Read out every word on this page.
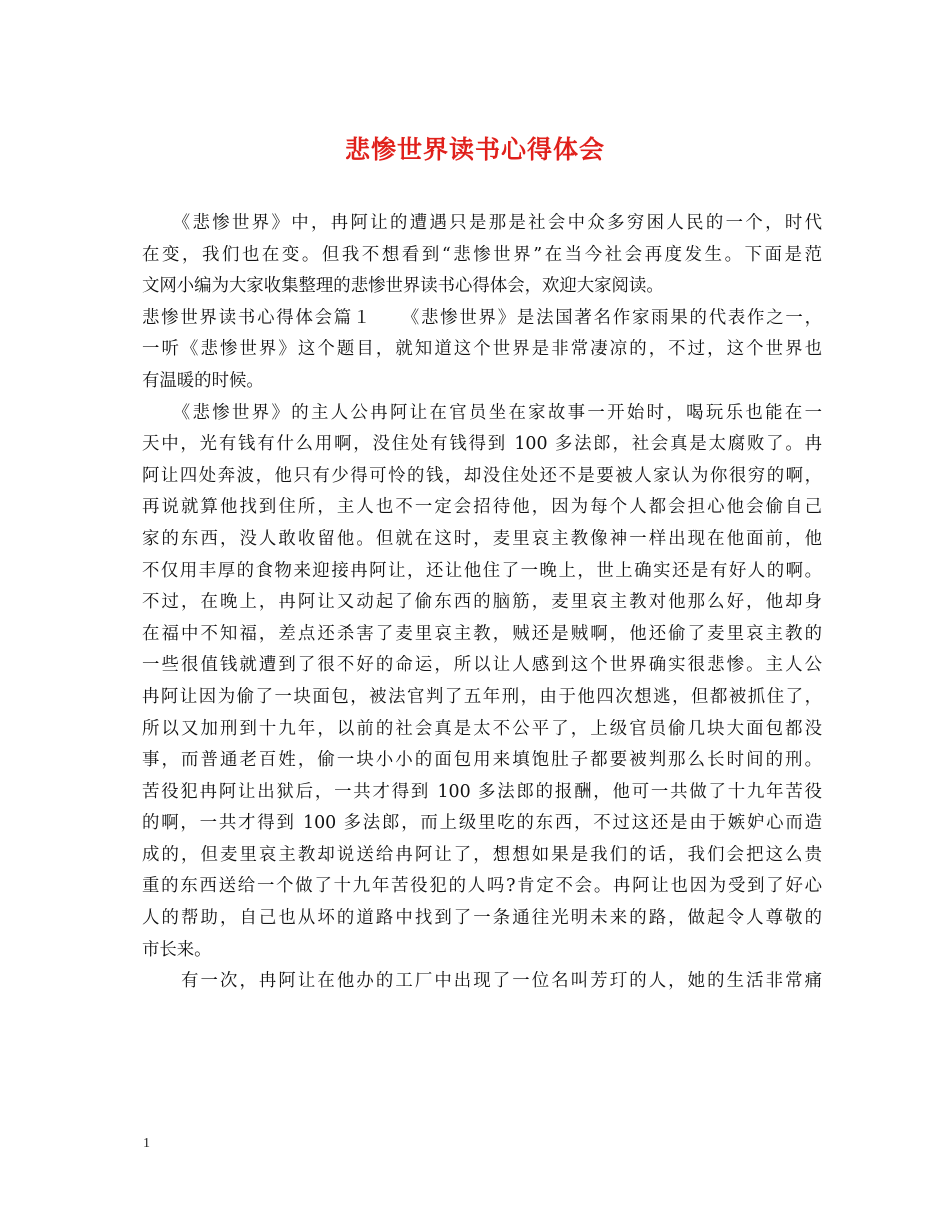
悲惨世界读书心得体会
　　《悲惨世界》中，冉阿让的遭遇只是那是社会中众多穷困人民的一个，时代
在变，我们也在变。但我不想看到“悲惨世界”在当今社会再度发生。下面是范
文网小编为大家收集整理的悲惨世界读书心得体会，欢迎大家阅读。
悲惨世界读书心得体会篇１　　《悲惨世界》是法国著名作家雨果的代表作之一，
一听《悲惨世界》这个题目，就知道这个世界是非常凄凉的，不过，这个世界也
有温暖的时候。
　　《悲惨世界》的主人公冉阿让在官员坐在家故事一开始时，喝玩乐也能在一
天中，光有钱有什么用啊，没住处有钱得到 100 多法郎，社会真是太腐败了。冉
阿让四处奔波，他只有少得可怜的钱，却没住处还不是要被人家认为你很穷的啊，
再说就算他找到住所，主人也不一定会招待他，因为每个人都会担心他会偷自己
家的东西，没人敢收留他。但就在这时，麦里哀主教像神一样出现在他面前，他
不仅用丰厚的食物来迎接冉阿让，还让他住了一晚上，世上确实还是有好人的啊。
不过，在晚上，冉阿让又动起了偷东西的脑筋，麦里哀主教对他那么好，他却身
在福中不知福，差点还杀害了麦里哀主教，贼还是贼啊，他还偷了麦里哀主教的
一些很值钱就遭到了很不好的命运，所以让人感到这个世界确实很悲惨。主人公
冉阿让因为偷了一块面包，被法官判了五年刑，由于他四次想逃，但都被抓住了，
所以又加刑到十九年，以前的社会真是太不公平了，上级官员偷几块大面包都没
事，而普通老百姓，偷一块小小的面包用来填饱肚子都要被判那么长时间的刑。
苦役犯冉阿让出狱后，一共才得到 100 多法郎的报酬，他可一共做了十九年苦役
的啊，一共才得到 100 多法郎，而上级里吃的东西，不过这还是由于嫉妒心而造
成的，但麦里哀主教却说送给冉阿让了，想想如果是我们的话，我们会把这么贵
重的东西送给一个做了十九年苦役犯的人吗?肯定不会。冉阿让也因为受到了好心
人的帮助，自己也从坏的道路中找到了一条通往光明未来的路，做起令人尊敬的
市长来。
　　有一次，冉阿让在他办的工厂中出现了一位名叫芳玎的人，她的生活非常痛
1
